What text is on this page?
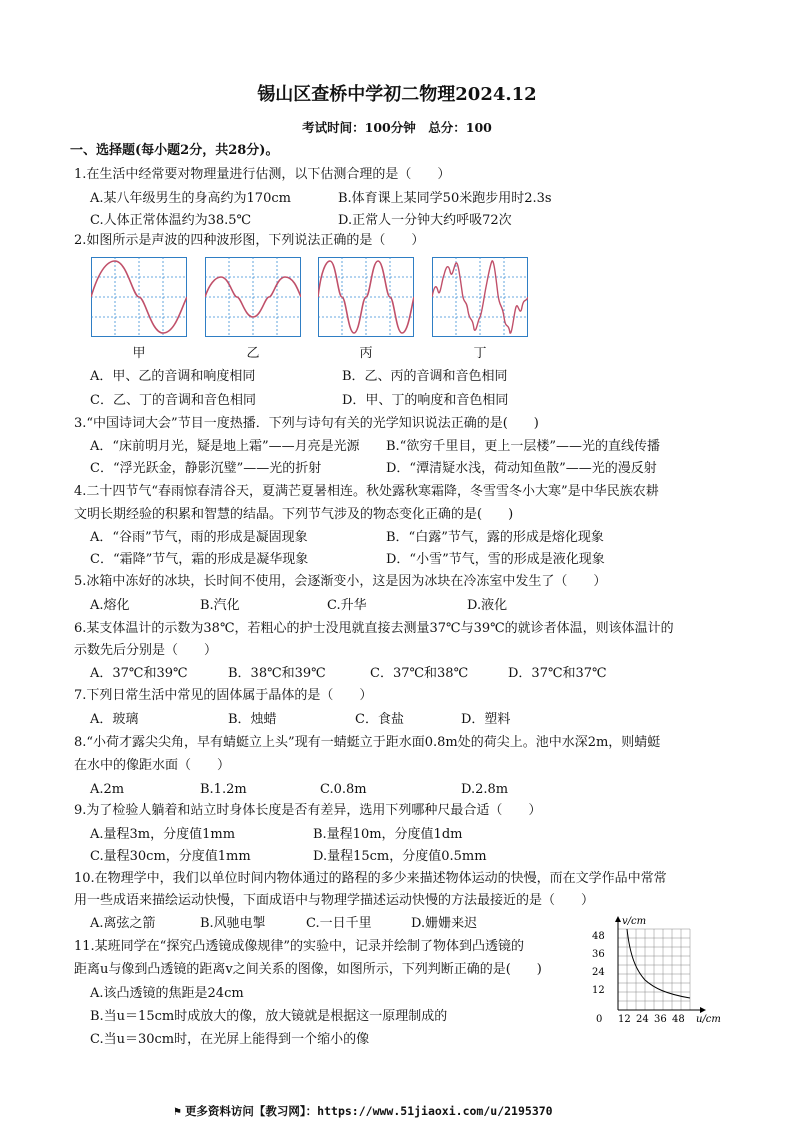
锡山区查桥中学初二物理2024.12
考试时间：100分钟　总分：100
一、选择题(每小题2分，共28分)。
1.在生活中经常要对物理量进行估测，以下估测合理的是（　　）
A.某八年级男生的身高约为170cm	B.体育课上某同学50米跑步用时2.3s
C.人体正常体温约为38.5℃	D.正常人一分钟大约呼吸72次
2.如图所示是声波的四种波形图，下列说法正确的是（　　）
甲	乙	丙	丁
A．甲、乙的音调和响度相同	B．乙、丙的音调和音色相同
C．乙、丁的音调和音色相同	D．甲、丁的响度和音色相同
3.“中国诗词大会”节目一度热播．下列与诗句有关的光学知识说法正确的是(　　)
A．“床前明月光，疑是地上霜”——月亮是光源 B.“欲穷千里目，更上一层楼”——光的直线传播
C．“浮光跃金，静影沉璧”——光的折射	D．“潭清疑水浅，荷动知鱼散”——光的漫反射
4.二十四节气“春雨惊春清谷天，夏满芒夏暑相连。秋处露秋寒霜降，冬雪雪冬小大寒”是中华民族农耕
文明长期经验的积累和智慧的结晶。下列节气涉及的物态变化正确的是(　　)
A．“谷雨”节气，雨的形成是凝固现象	B．“白露”节气，露的形成是熔化现象
C．“霜降”节气，霜的形成是凝华现象	D．“小雪”节气，雪的形成是液化现象
5.冰箱中冻好的冰块，长时间不使用，会逐渐变小，这是因为冰块在冷冻室中发生了（　　）
A.熔化	B.汽化	C.升华	D.液化
6.某支体温计的示数为38℃，若粗心的护士没甩就直接去测量37℃与39℃的就诊者体温，则该体温计的
示数先后分别是（　　）
A．37℃和39℃	B．38℃和39℃	C．37℃和38℃	D．37℃和37℃
7.下列日常生活中常见的固体属于晶体的是（　　）
A．玻璃	B．烛蜡	C．食盐	D．塑料
8.“小荷才露尖尖角，早有蜻蜓立上头”现有一蜻蜓立于距水面0.8m处的荷尖上。池中水深2m，则蜻蜓
在水中的像距水面（　　）
A.2m	B.1.2m	C.0.8m	D.2.8m
9.为了检验人躺着和站立时身体长度是否有差异，选用下列哪种尺最合适（　　）
A.量程3m，分度值1mm	B.量程10m，分度值1dm
C.量程30cm，分度值1mm	D.量程15cm，分度值0.5mm
10.在物理学中，我们以单位时间内物体通过的路程的多少来描述物体运动的快慢，而在文学作品中常常
用一些成语来描绘运动快慢，下面成语中与物理学描述运动快慢的方法最接近的是（　　）
A.离弦之箭	B.风驰电掣	C.一日千里	D.姗姗来迟
11.某班同学在“探究凸透镜成像规律”的实验中，记录并绘制了物体到凸透镜的
距离u与像到凸透镜的距离v之间关系的图像，如图所示，下列判断正确的是(　　)
A.该凸透镜的焦距是24cm
B.当u＝15cm时成放大的像，放大镜就是根据这一原理制成的
C.当u＝30cm时，在光屏上能得到一个缩小的像
v/cm
48
36
24
12
0 12 24 36 48 u/cm
⚑ 更多资料访问【教习网】：https://www.51jiaoxi.com/u/2195370
